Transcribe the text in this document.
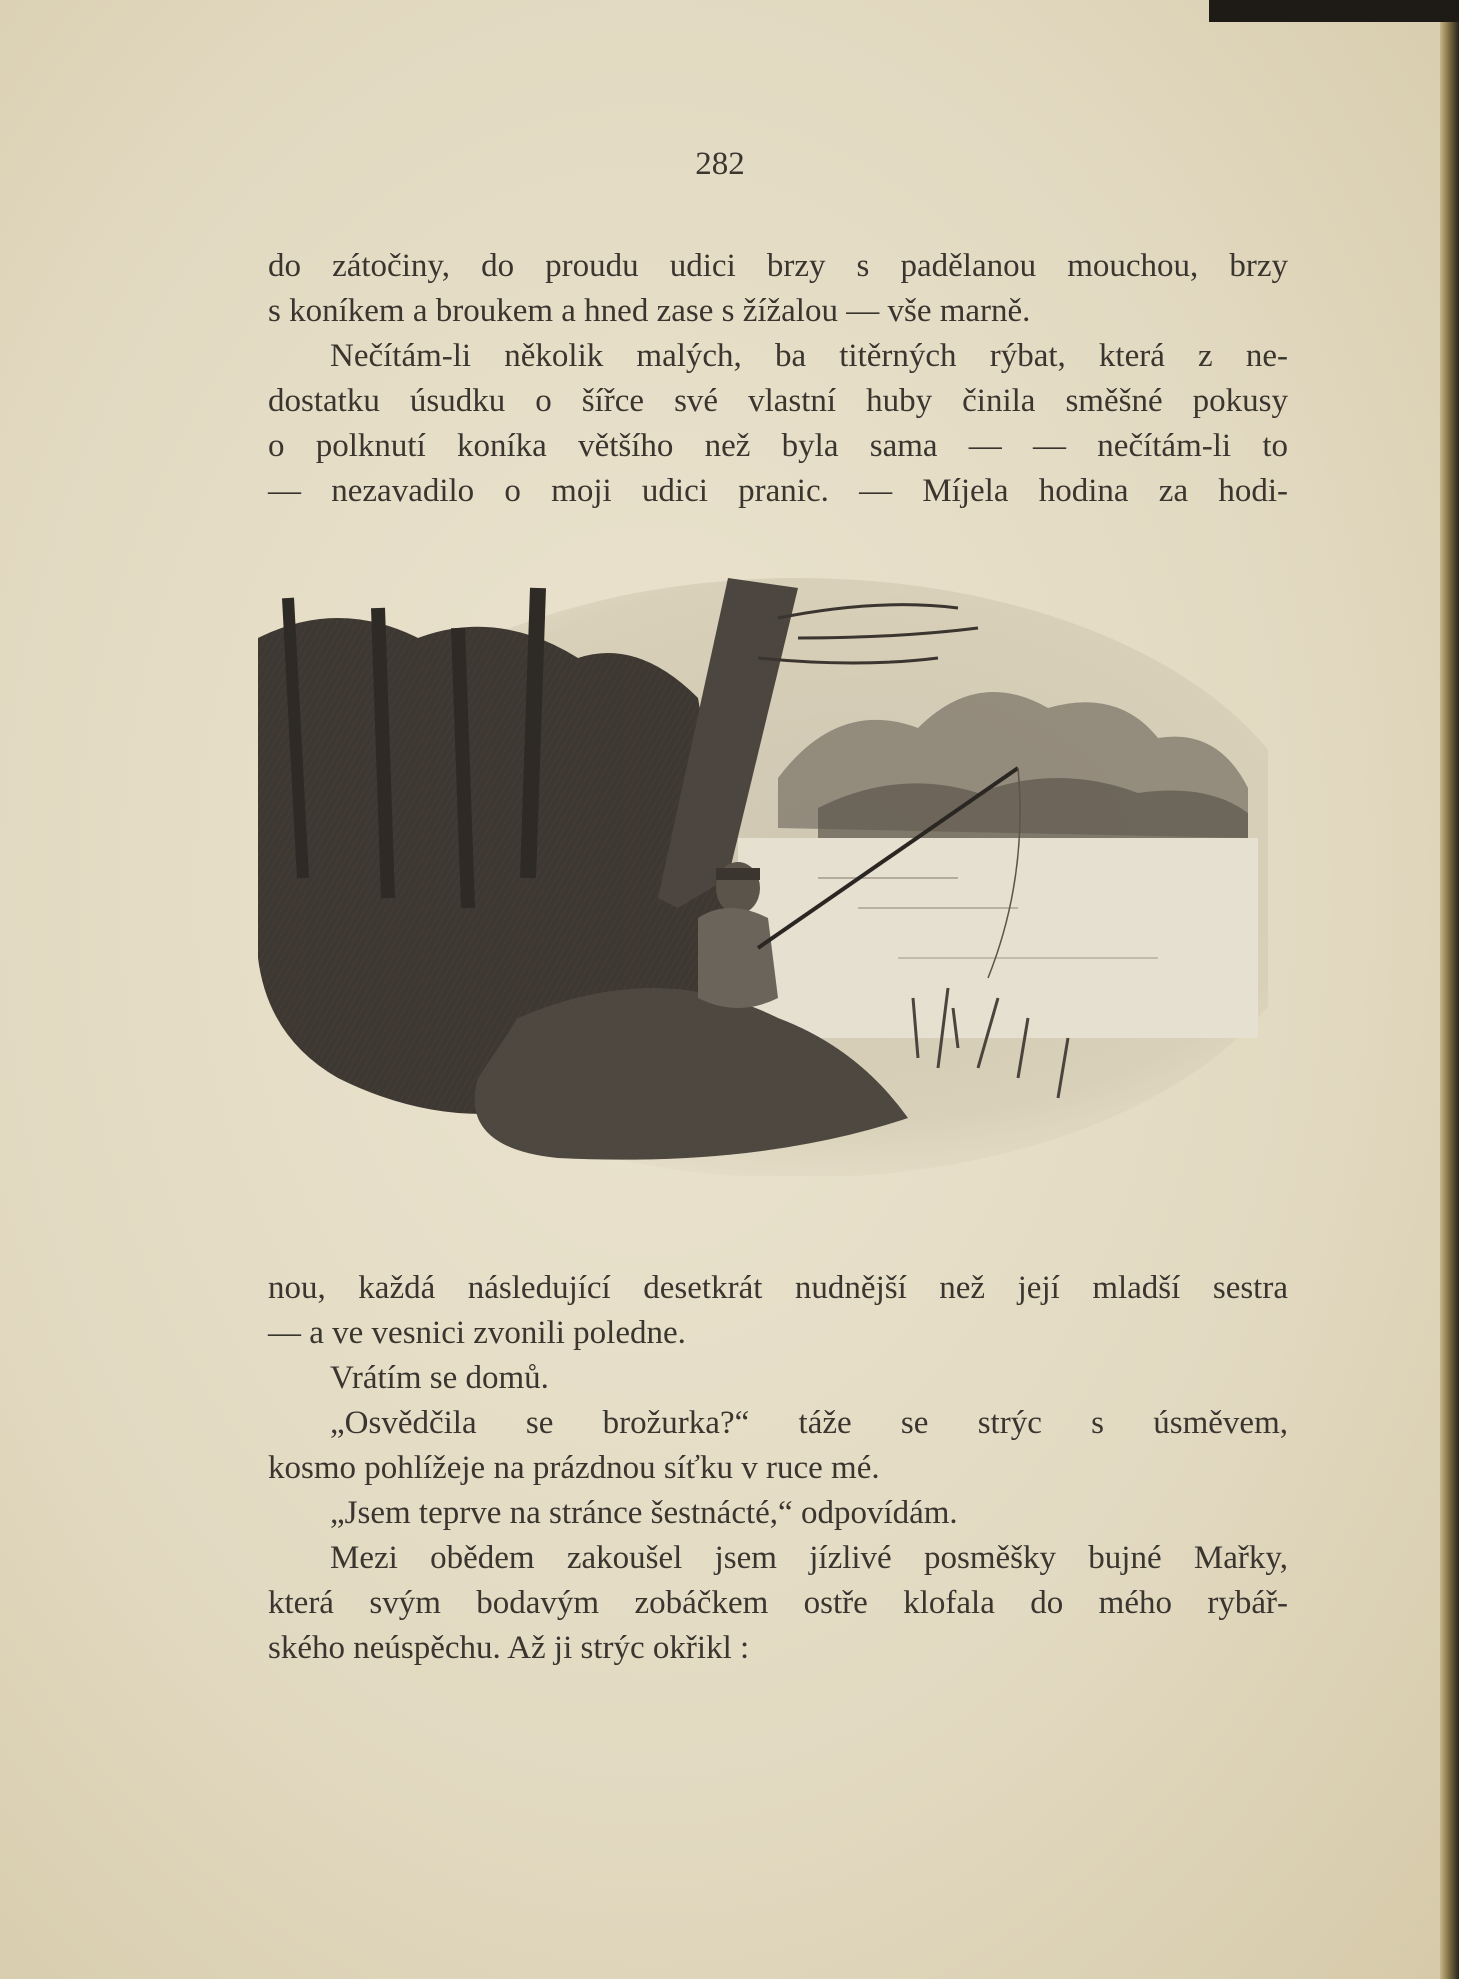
282
do zátočiny, do proudu udici brzy s padělanou mouchou, brzy
s koníkem a broukem a hned zase s žížalou — vše marně.
Nečítám-li několik malých, ba titěrných rýbat, která z ne-
dostatku úsudku o šířce své vlastní huby činila směšné pokusy
o polknutí koníka většího než byla sama — — nečítám-li to
— nezavadilo o moji udici pranic. — Míjela hodina za hodi-
nou, každá následující desetkrát nudnější než její mladší sestra
— a ve vesnici zvonili poledne.
Vrátím se domů.
„Osvědčila se brožurka?“ táže se strýc s úsměvem,
kosmo pohlížeje na prázdnou síťku v ruce mé.
„Jsem teprve na stránce šestnácté,“ odpovídám.
Mezi obědem zakoušel jsem jízlivé posměšky bujné Mařky,
která svým bodavým zobáčkem ostře klofala do mého rybář-
ského neúspěchu. Až ji strýc okřikl :
